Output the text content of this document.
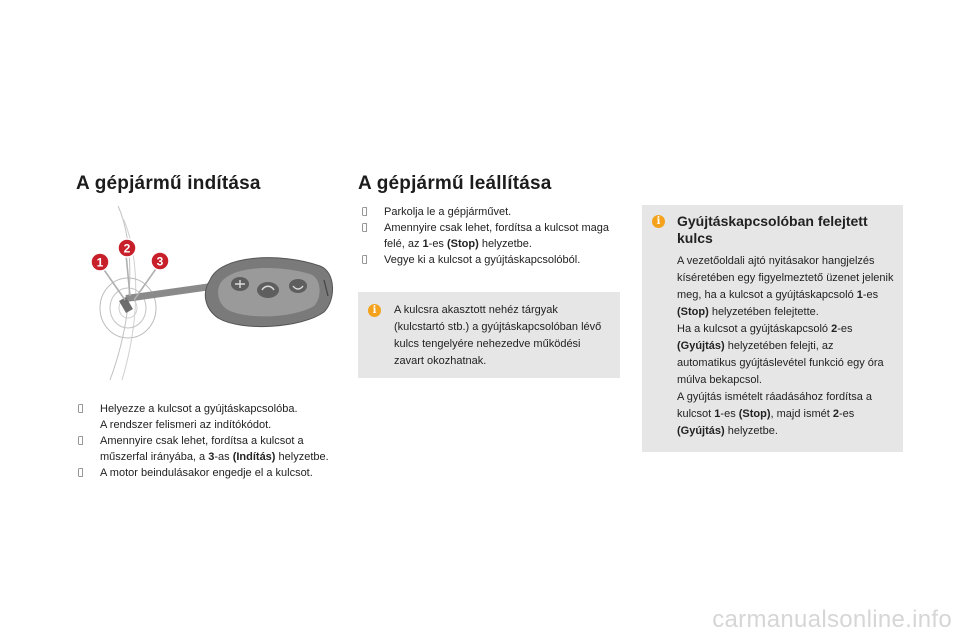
A gépjármű indítása
1
2
3
Helyezze a kulcsot a gyújtáskapcsolóba.
A rendszer felismeri az indítókódot.
Amennyire csak lehet, fordítsa a kulcsot a műszerfal irányába, a 3-as (Indítás) helyzetbe.
A motor beindulásakor engedje el a kulcsot.
A gépjármű leállítása
Parkolja le a gépjárművet.
Amennyire csak lehet, fordítsa a kulcsot maga felé, az 1-es (Stop) helyzetbe.
Vegye ki a kulcsot a gyújtáskapcsolóból.
i	A kulcsra akasztott nehéz tárgyak (kulcstartó stb.) a gyújtáskapcsolóban lévő kulcs tengelyére nehezedve működési zavart okozhatnak.
i	Gyújtáskapcsolóban felejtett kulcs
A vezetőoldali ajtó nyitásakor hangjelzés kíséretében egy figyelmeztető üzenet jelenik meg, ha a kulcsot a gyújtáskapcsoló 1-es (Stop) helyzetében felejtette.
Ha a kulcsot a gyújtáskapcsoló 2-es (Gyújtás) helyzetében felejti, az automatikus gyújtáslevétel funkció egy óra múlva bekapcsol.
A gyújtás ismételt ráadásához fordítsa a kulcsot 1-es (Stop), majd ismét 2-es (Gyújtás) helyzetbe.
carmanualsonline.info
